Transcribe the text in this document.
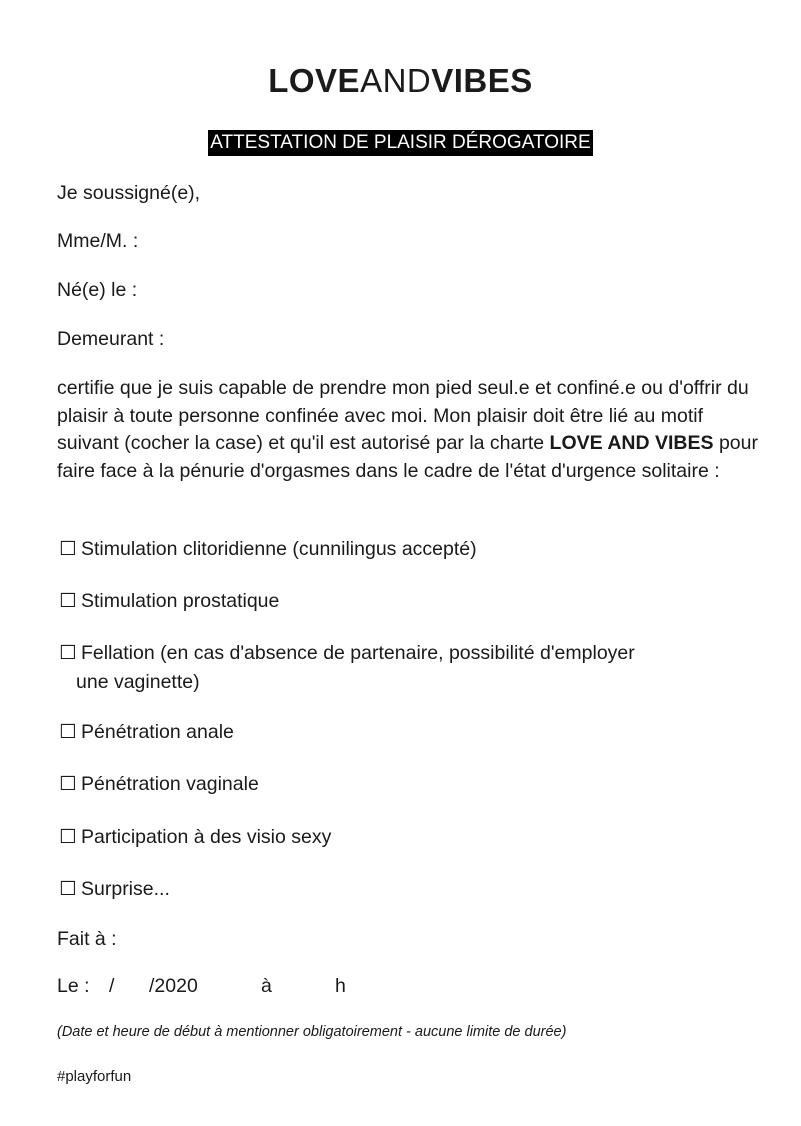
LOVEANDVIBES
ATTESTATION DE PLAISIR DÉROGATOIRE
Je soussigné(e),
Mme/M. :
Né(e) le :
Demeurant :
certifie que je suis capable de prendre mon pied seul.e et confiné.e ou d'offrir du plaisir à toute personne confinée avec moi. Mon plaisir doit être lié au motif suivant (cocher la case) et qu'il est autorisé par la charte LOVE AND VIBES pour faire face à la pénurie d'orgasmes dans le cadre de l'état d'urgence solitaire :
☐ Stimulation clitoridienne (cunnilingus accepté)
☐ Stimulation prostatique
☐ Fellation (en cas d'absence de partenaire, possibilité d'employer
une vaginette)
☐ Pénétration anale
☐ Pénétration vaginale
☐ Participation à des visio sexy
☐ Surprise...
Fait à :
Le : / /2020	à	h
(Date et heure de début à mentionner obligatoirement - aucune limite de durée)
#playforfun
